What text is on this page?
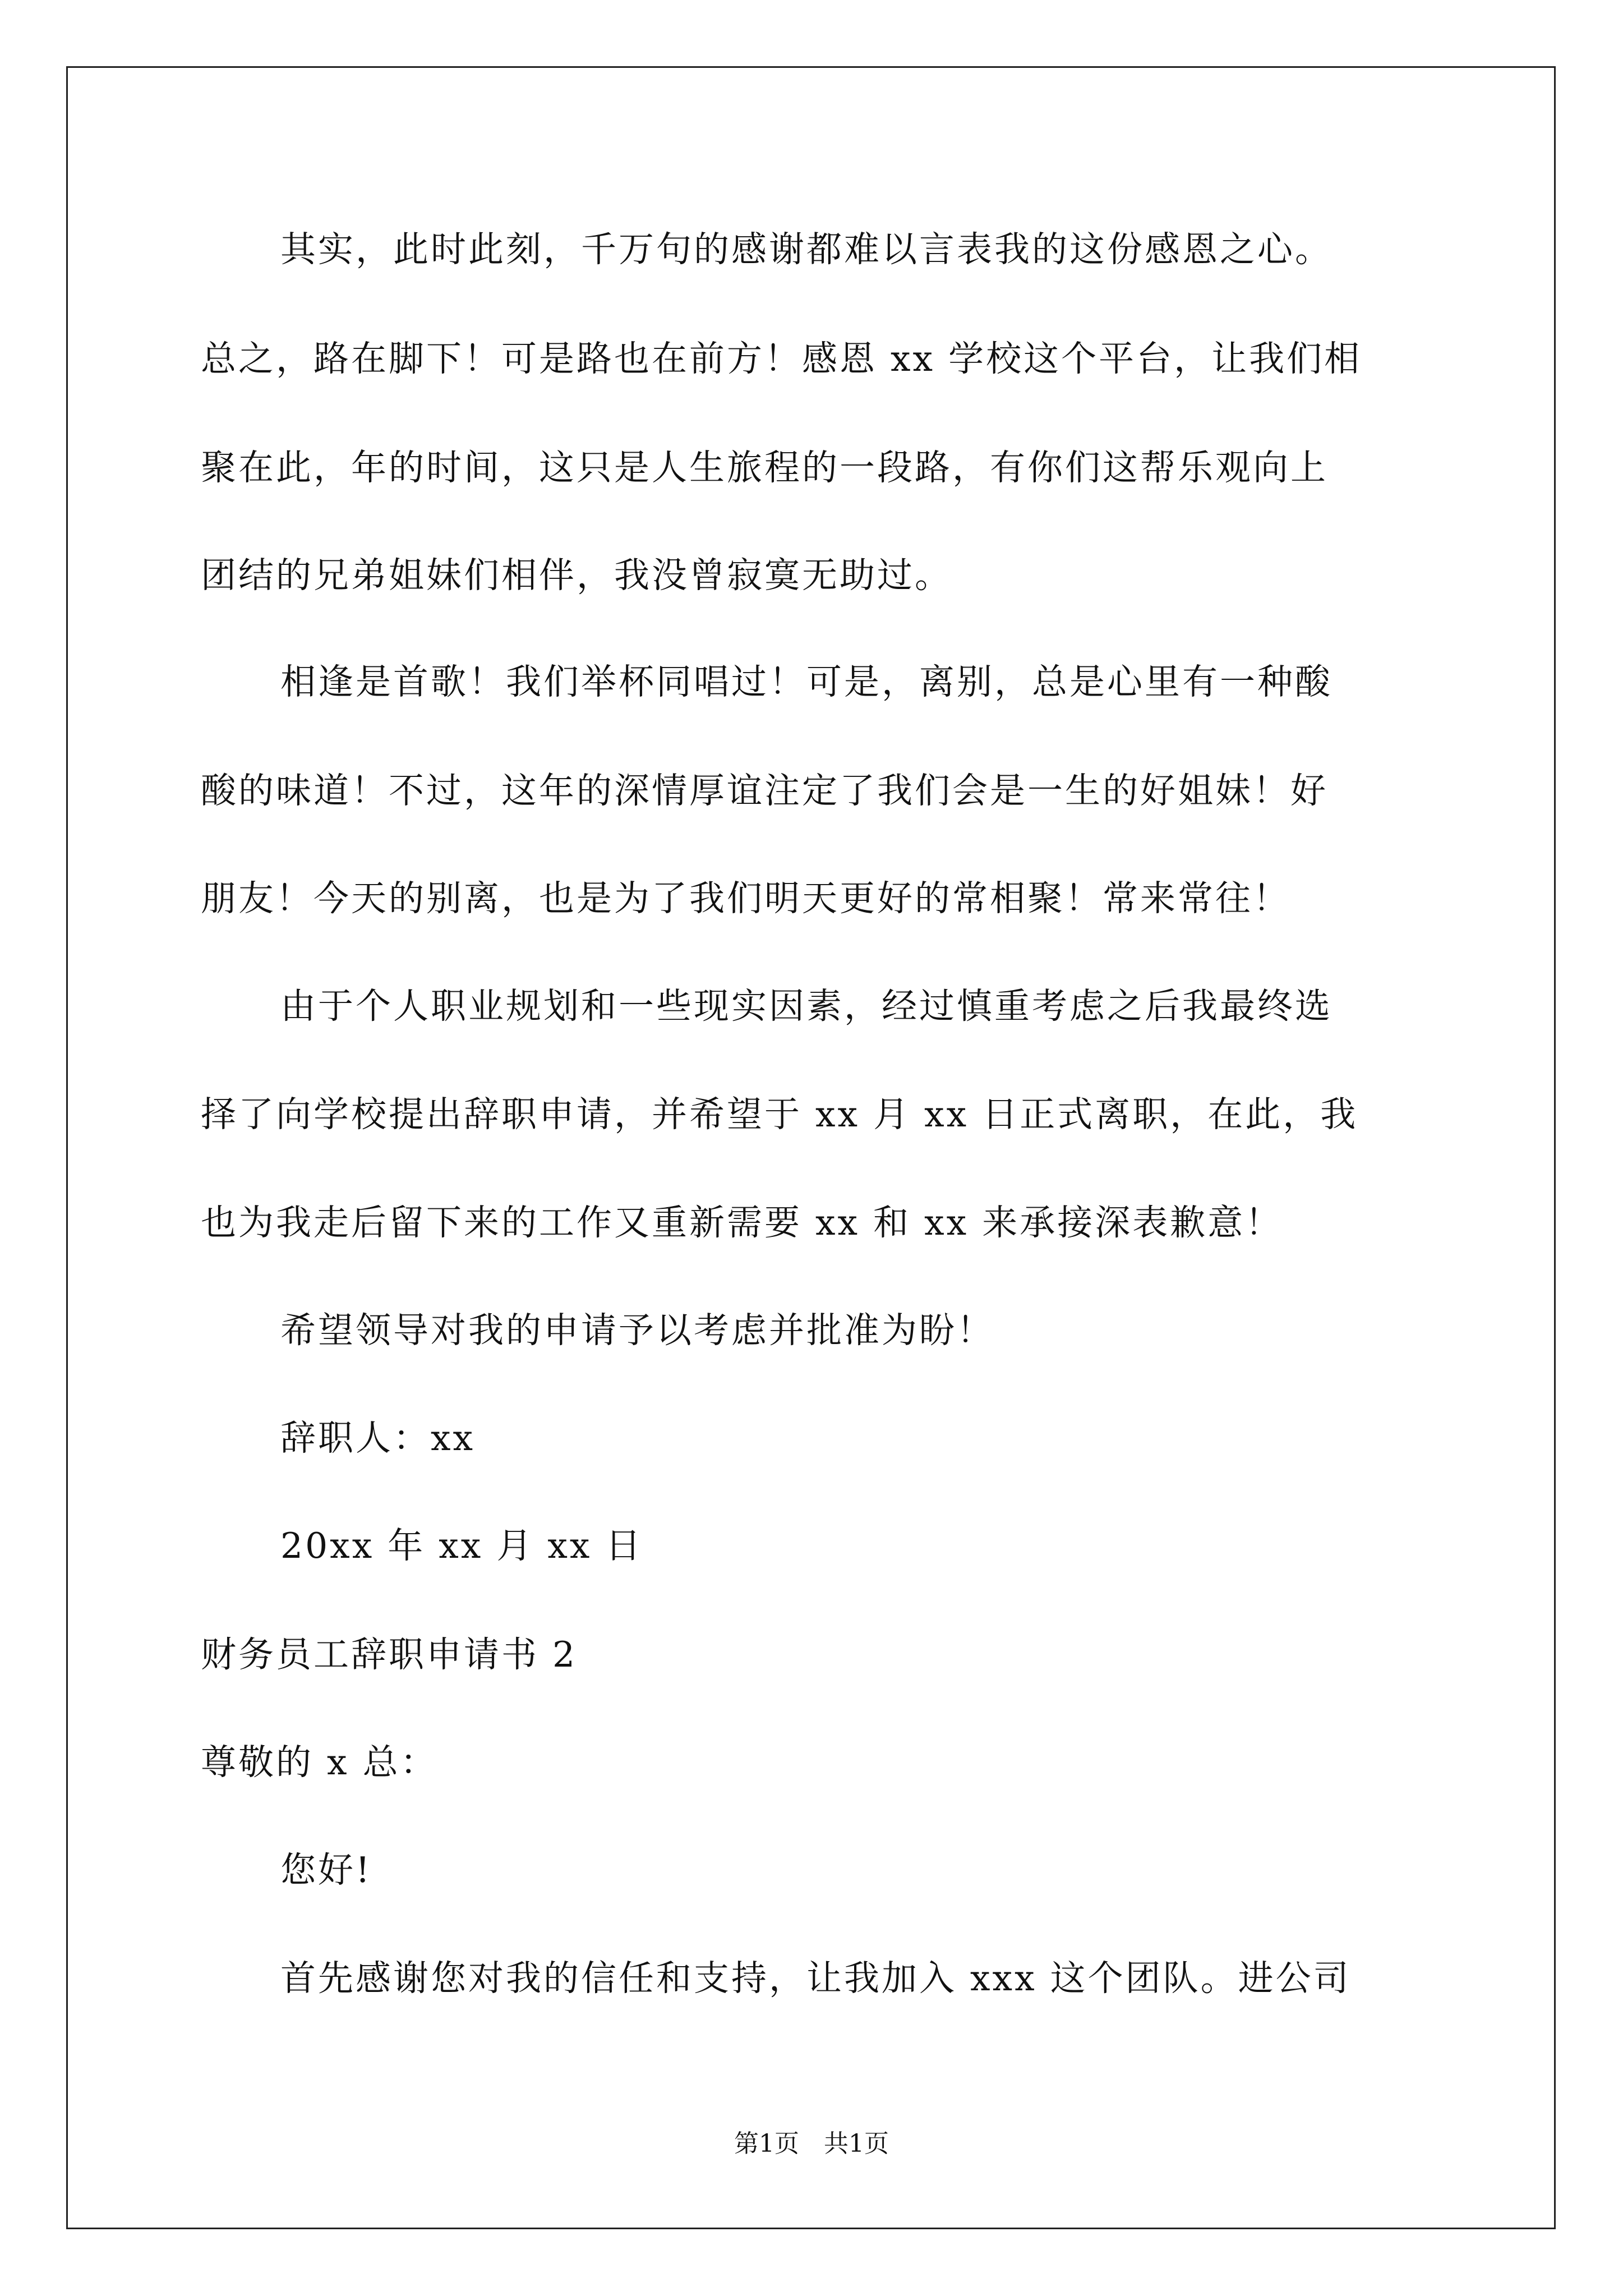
其实，此时此刻，千万句的感谢都难以言表我的这份感恩之心。
总之，路在脚下！可是路也在前方！感恩 xx 学校这个平台，让我们相
聚在此，年的时间，这只是人生旅程的一段路，有你们这帮乐观向上
团结的兄弟姐妹们相伴，我没曾寂寞无助过。
相逢是首歌！我们举杯同唱过！可是，离别，总是心里有一种酸
酸的味道！不过，这年的深情厚谊注定了我们会是一生的好姐妹！好
朋友！今天的别离，也是为了我们明天更好的常相聚！常来常往！
由于个人职业规划和一些现实因素，经过慎重考虑之后我最终选
择了向学校提出辞职申请，并希望于 xx 月 xx 日正式离职，在此，我
也为我走后留下来的工作又重新需要 xx 和 xx 来承接深表歉意！
希望领导对我的申请予以考虑并批准为盼！
辞职人：xx
20xx 年 xx 月 xx 日
财务员工辞职申请书 2
尊敬的 x 总：
您好!
首先感谢您对我的信任和支持，让我加入 xxx 这个团队。进公司
第1页　共1页
